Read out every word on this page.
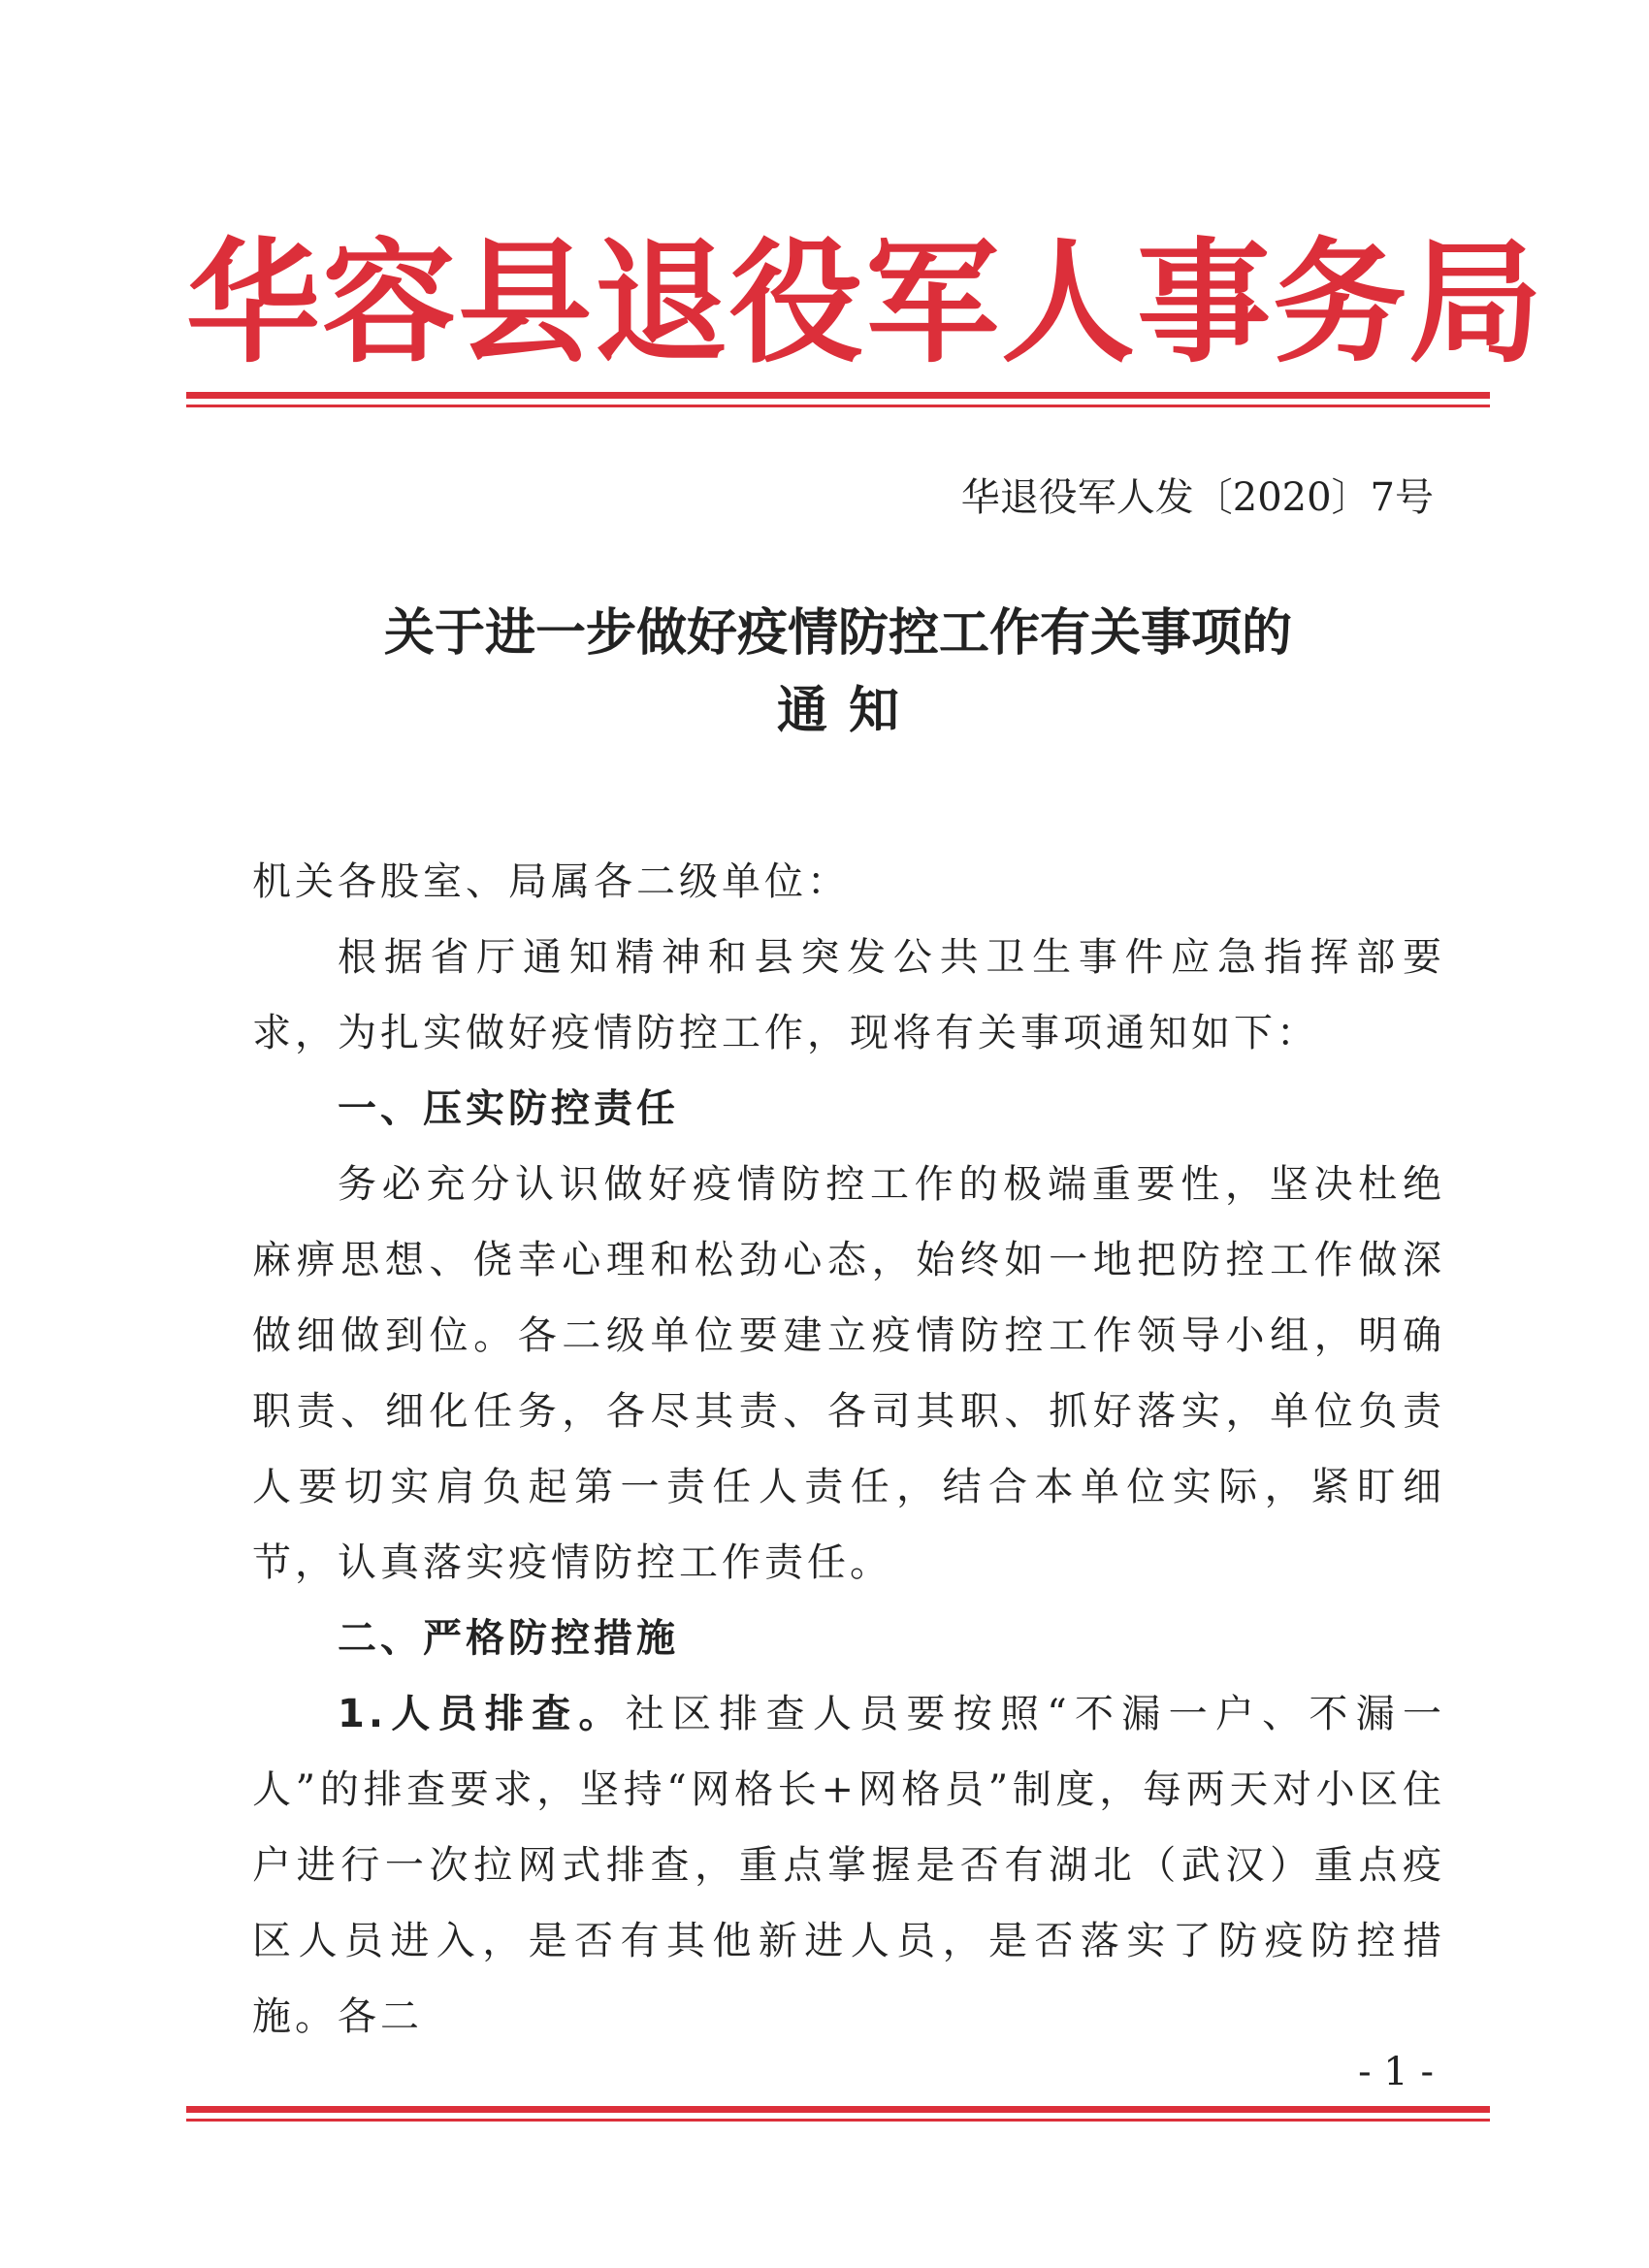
华容县退役军人事务局
华退役军人发〔2020〕7号
关于进一步做好疫情防控工作有关事项的
通知

机关各股室、局属各二级单位：

根据省厅通知精神和县突发公共卫生事件应急指挥部要求，为扎实做好疫情防控工作，现将有关事项通知如下：

一、压实防控责任

务必充分认识做好疫情防控工作的极端重要性，坚决杜绝麻痹思想、侥幸心理和松劲心态，始终如一地把防控工作做深做细做到位。各二级单位要建立疫情防控工作领导小组，明确职责、细化任务，各尽其责、各司其职、抓好落实，单位负责人要切实肩负起第一责任人责任，结合本单位实际，紧盯细节，认真落实疫情防控工作责任。

二、严格防控措施

1.人员排查。社区排查人员要按照“不漏一户、不漏一人”的排查要求，坚持“网格长+网格员”制度，每两天对小区住户进行一次拉网式排查，重点掌握是否有湖北（武汉）重点疫区人员进入，是否有其他新进人员，是否落实了防疫防控措施。各二

- 1 -
